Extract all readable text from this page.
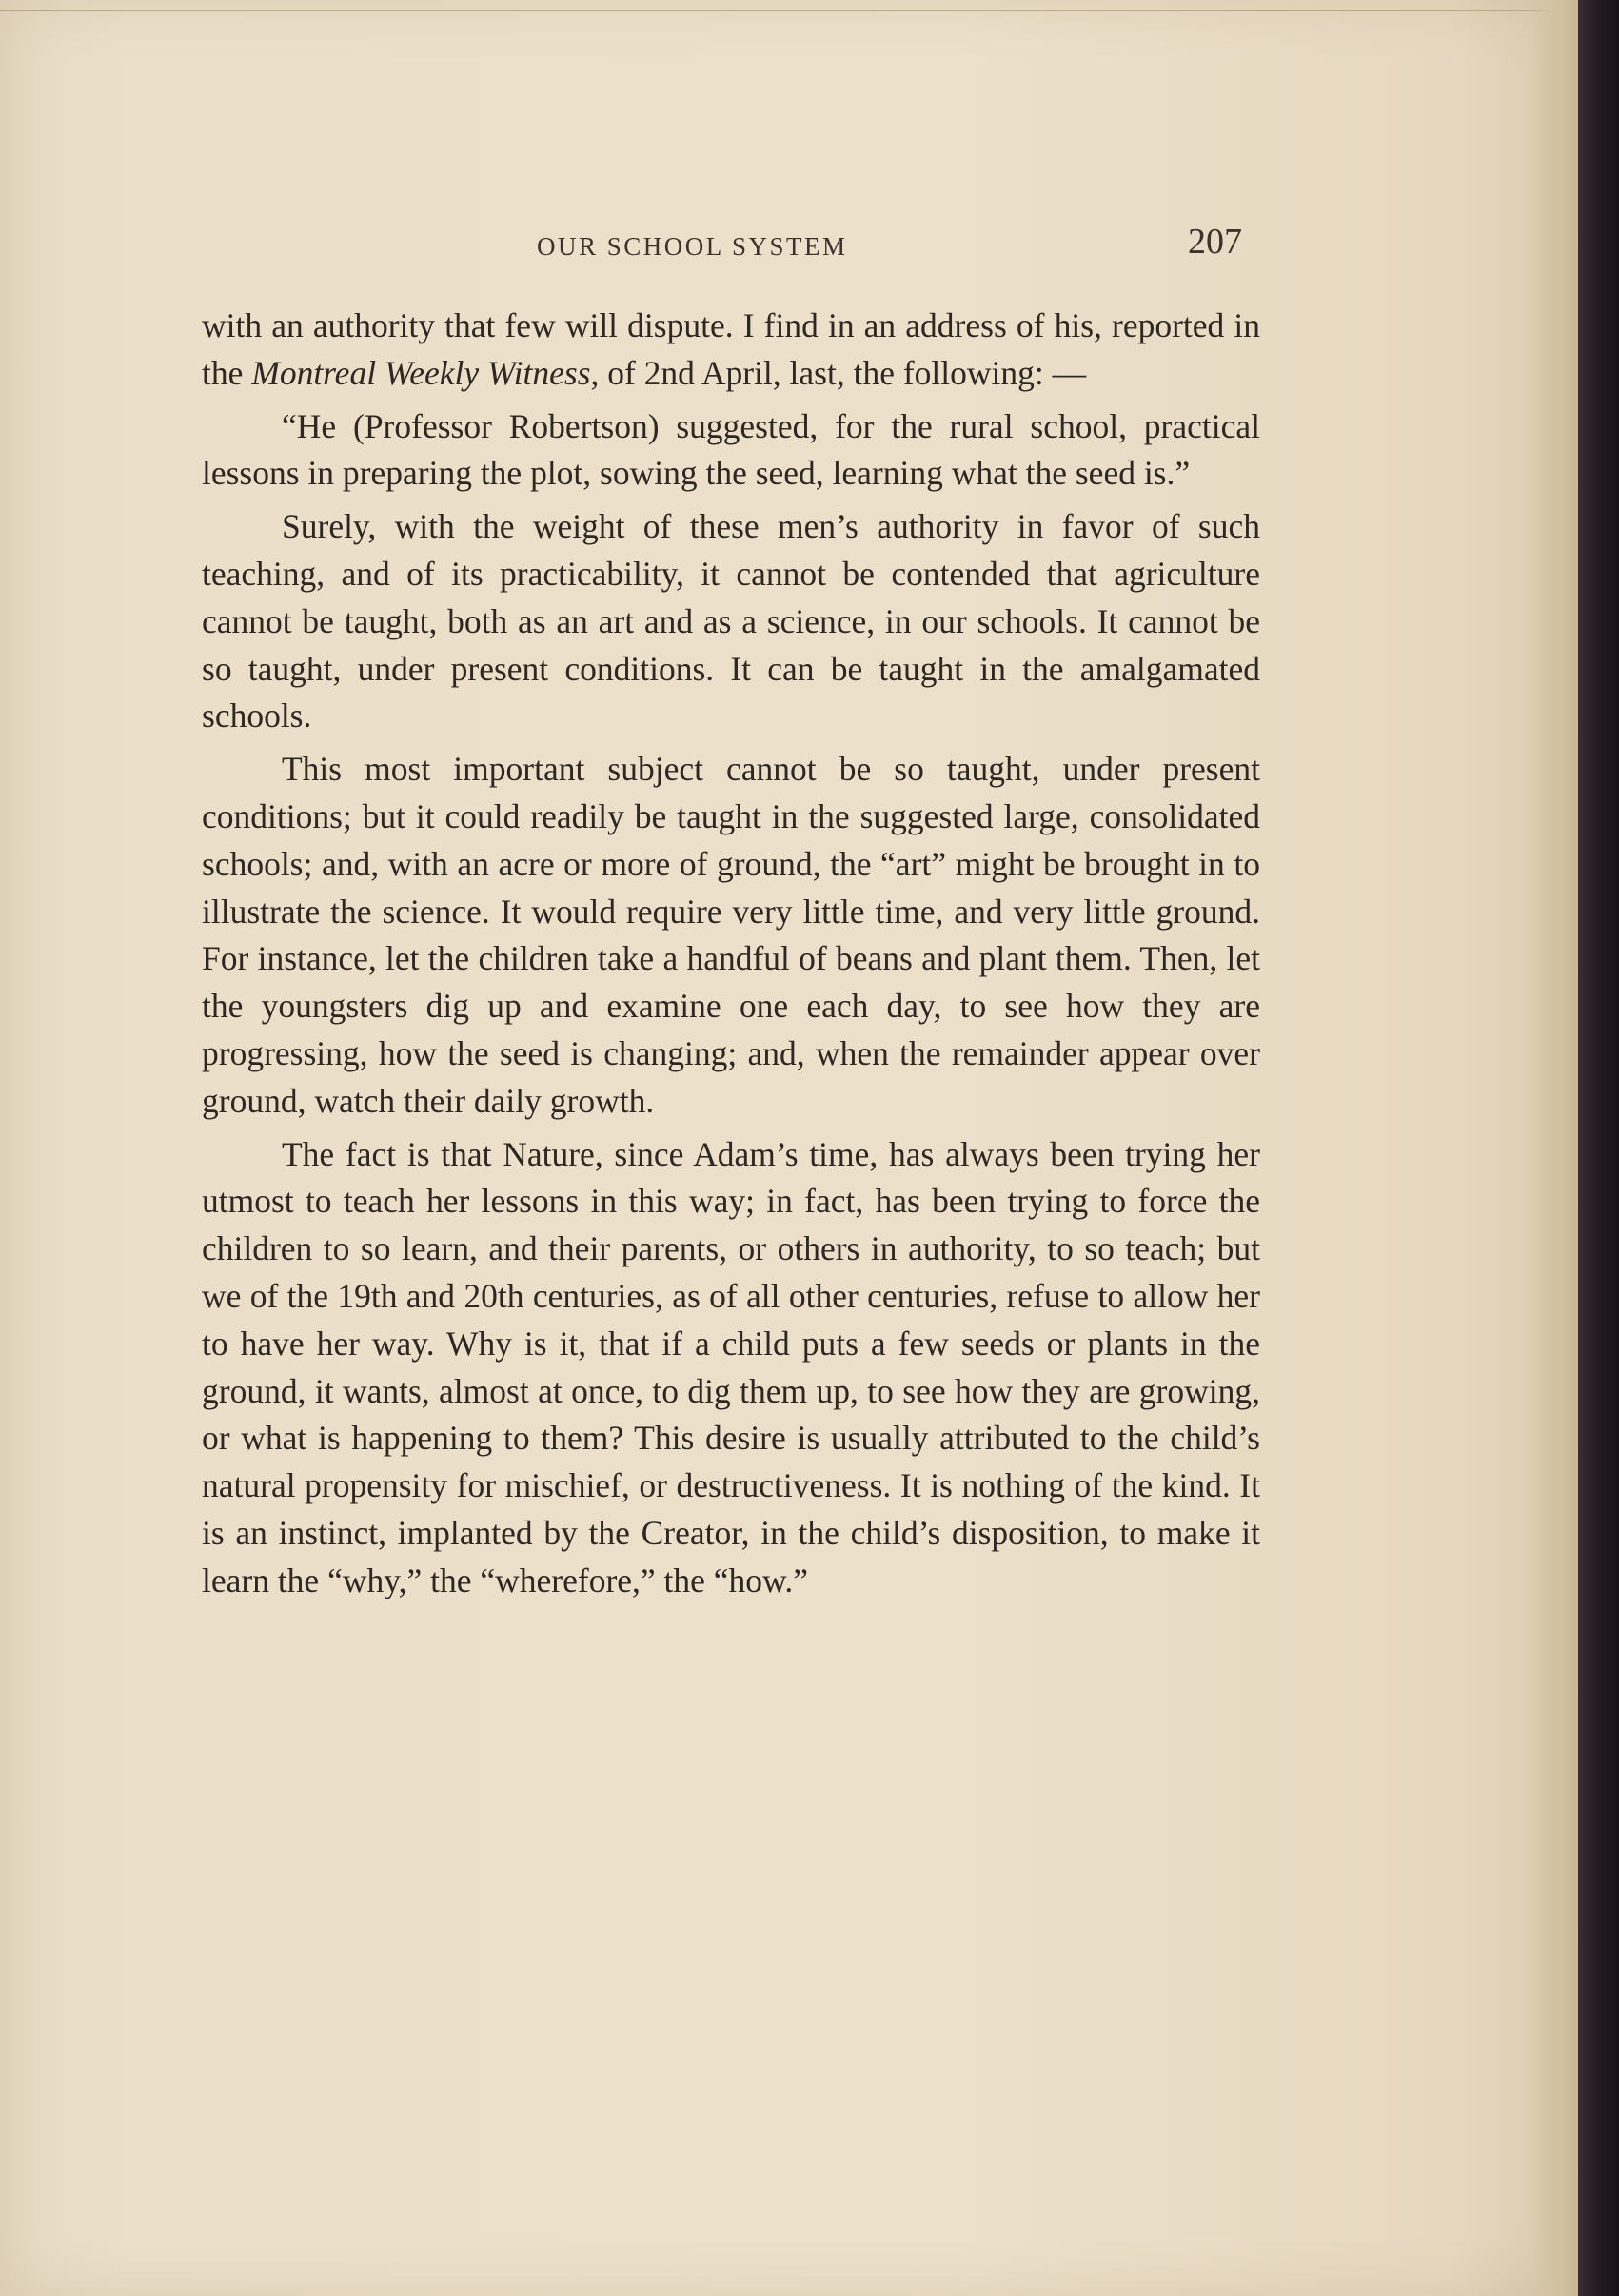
OUR SCHOOL SYSTEM	207

with an authority that few will dispute. I find in an address of his, reported in the Montreal Weekly Witness, of 2nd April, last, the following: —

“He (Professor Robertson) suggested, for the rural school, practical lessons in preparing the plot, sowing the seed, learning what the seed is.”

Surely, with the weight of these men’s authority in favor of such teaching, and of its practicability, it cannot be contended that agriculture cannot be taught, both as an art and as a science, in our schools. It cannot be so taught, under present conditions. It can be taught in the amalgamated schools.

This most important subject cannot be so taught, under present conditions; but it could readily be taught in the suggested large, consolidated schools; and, with an acre or more of ground, the “art” might be brought in to illustrate the science. It would require very little time, and very little ground. For instance, let the children take a handful of beans and plant them. Then, let the youngsters dig up and examine one each day, to see how they are progressing, how the seed is changing; and, when the remainder appear over ground, watch their daily growth.

The fact is that Nature, since Adam’s time, has always been trying her utmost to teach her lessons in this way; in fact, has been trying to force the children to so learn, and their parents, or others in authority, to so teach; but we of the 19th and 20th centuries, as of all other centuries, refuse to allow her to have her way. Why is it, that if a child puts a few seeds or plants in the ground, it wants, almost at once, to dig them up, to see how they are growing, or what is happening to them? This desire is usually attributed to the child’s natural propensity for mischief, or destructiveness. It is nothing of the kind. It is an instinct, implanted by the Creator, in the child’s disposition, to make it learn the “why,” the “wherefore,” the “how.”
